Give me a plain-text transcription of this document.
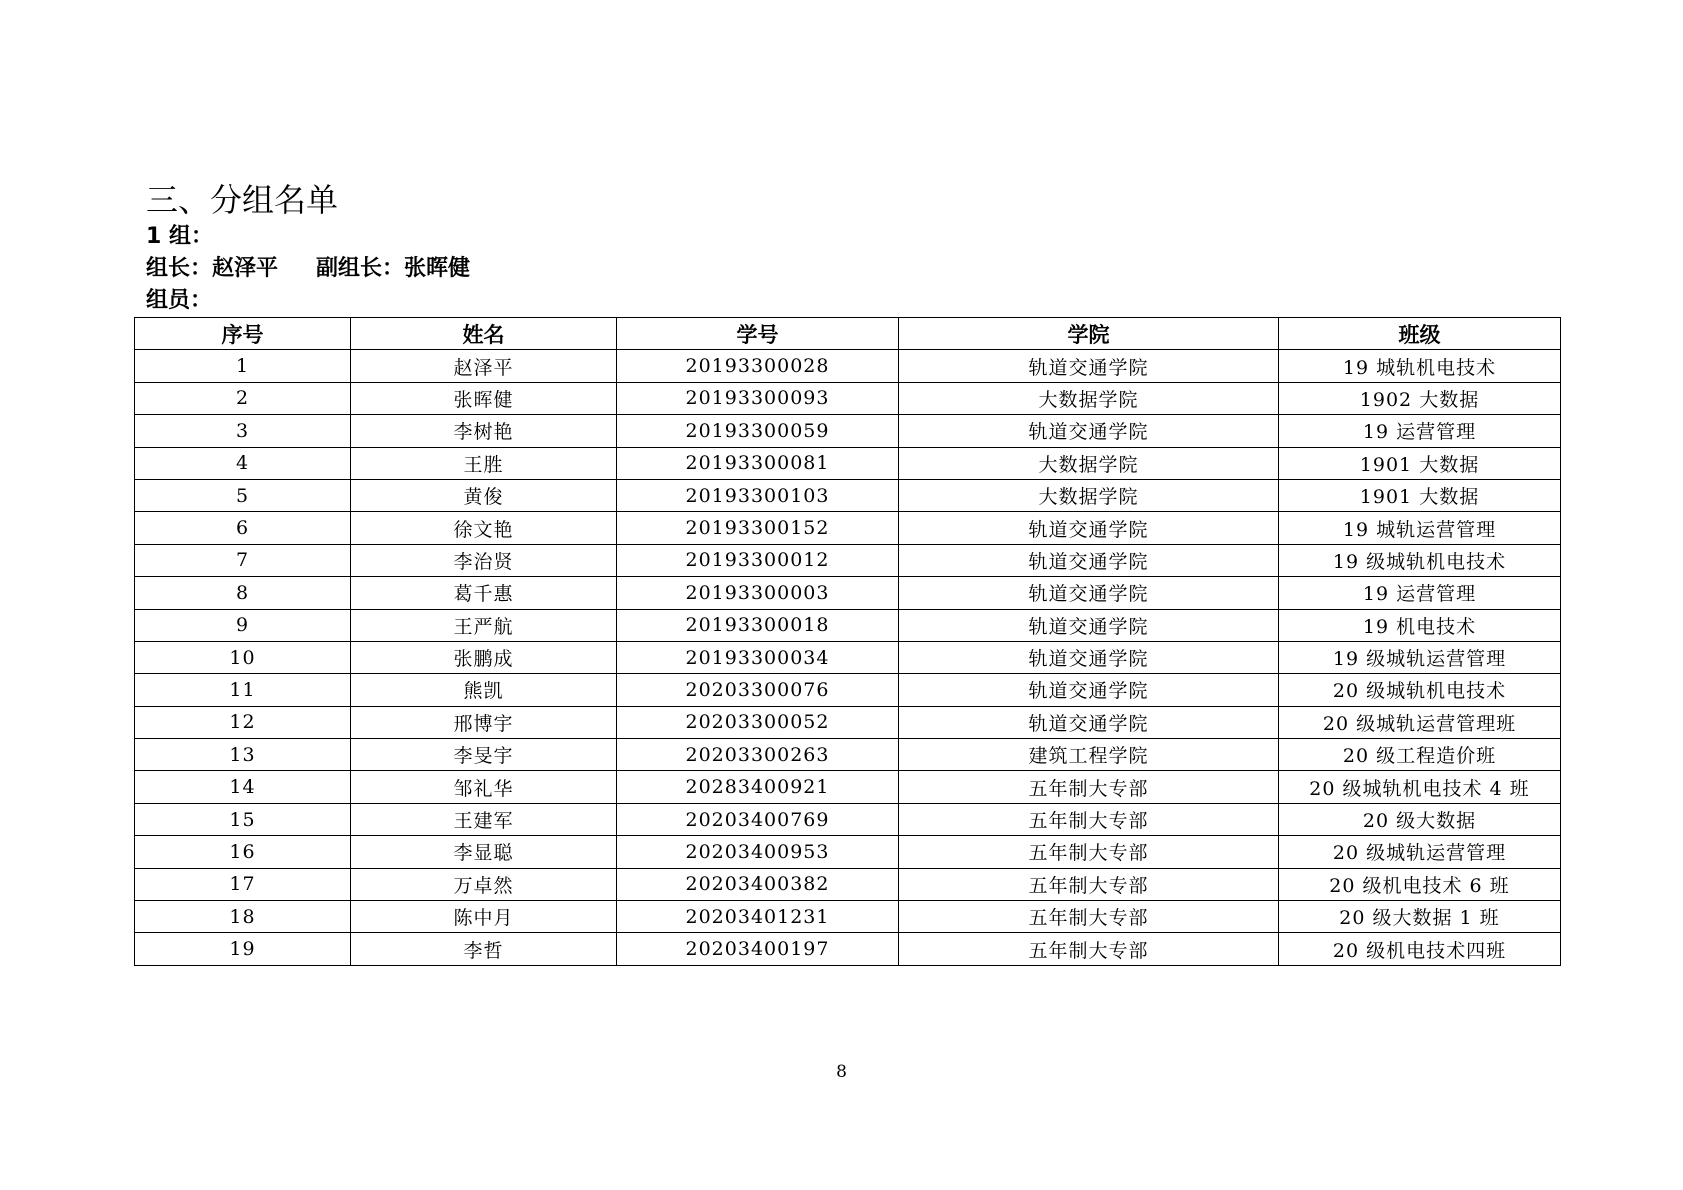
三、分组名单
1 组：
组长：赵泽平 副组长：张晖健
组员：
序号	姓名	学号	学院	班级
1	赵泽平	20193300028	轨道交通学院	19 城轨机电技术
2	张晖健	20193300093	大数据学院	1902 大数据
3	李树艳	20193300059	轨道交通学院	19 运营管理
4	王胜	20193300081	大数据学院	1901 大数据
5	黄俊	20193300103	大数据学院	1901 大数据
6	徐文艳	20193300152	轨道交通学院	19 城轨运营管理
7	李治贤	20193300012	轨道交通学院	19 级城轨机电技术
8	葛千惠	20193300003	轨道交通学院	19 运营管理
9	王严航	20193300018	轨道交通学院	19 机电技术
10	张鹏成	20193300034	轨道交通学院	19 级城轨运营管理
11	熊凯	20203300076	轨道交通学院	20 级城轨机电技术
12	邢博宇	20203300052	轨道交通学院	20 级城轨运营管理班
13	李旻宇	20203300263	建筑工程学院	20 级工程造价班
14	邹礼华	20283400921	五年制大专部	20 级城轨机电技术 4 班
15	王建军	20203400769	五年制大专部	20 级大数据
16	李显聪	20203400953	五年制大专部	20 级城轨运营管理
17	万卓然	20203400382	五年制大专部	20 级机电技术 6 班
18	陈中月	20203401231	五年制大专部	20 级大数据 1 班
19	李哲	20203400197	五年制大专部	20 级机电技术四班
8
